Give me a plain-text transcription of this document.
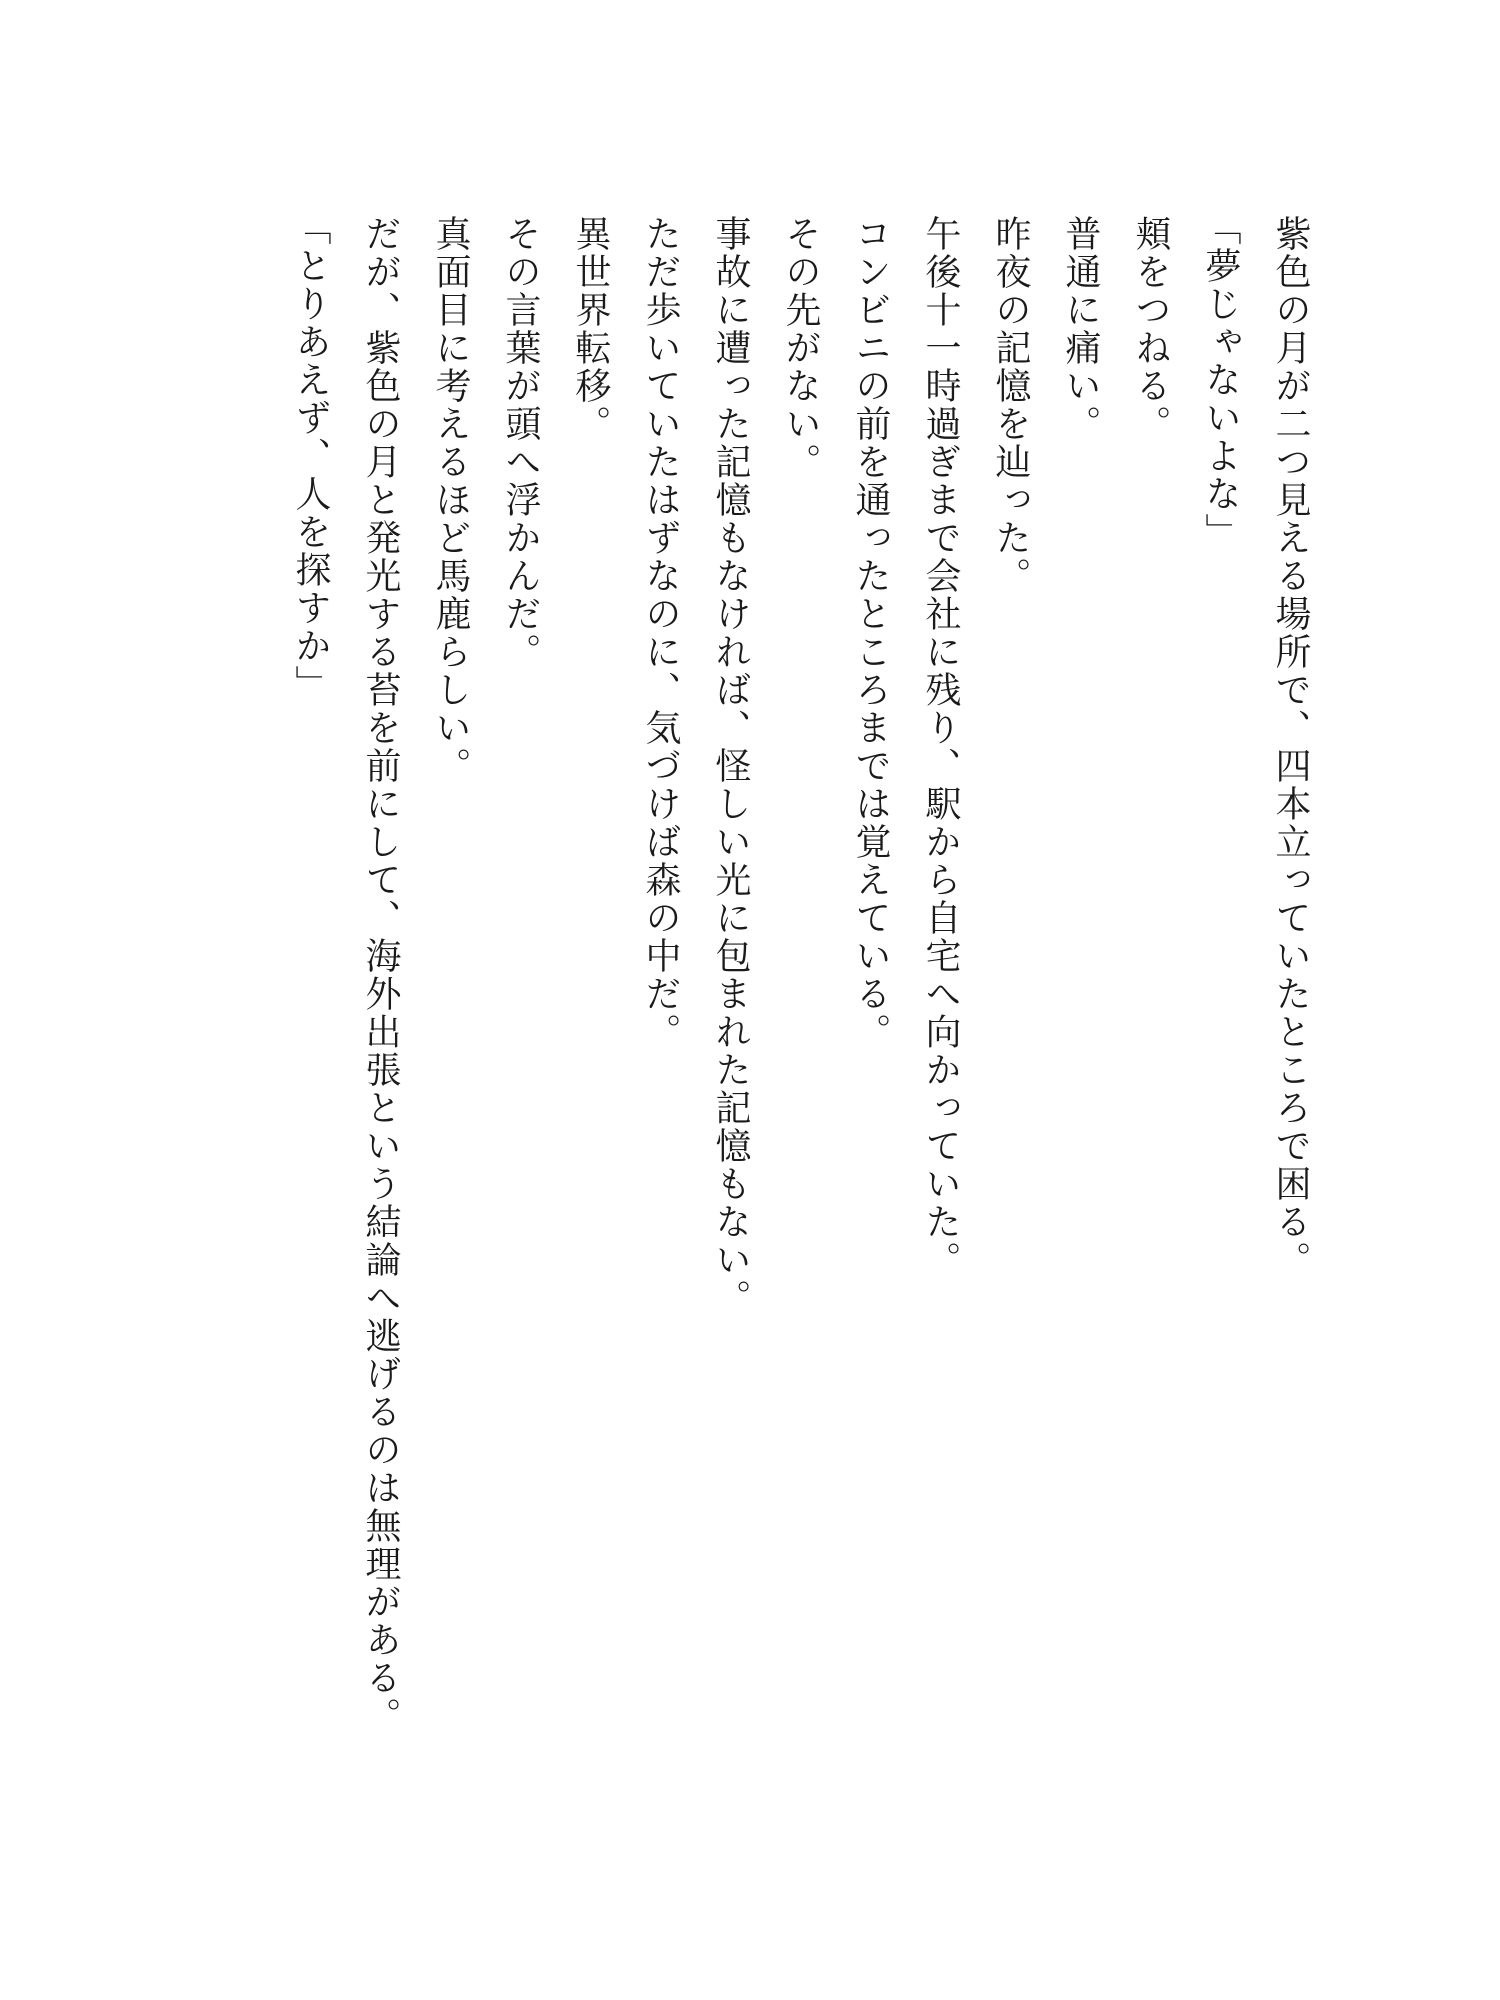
紫色の月が二つ見える場所で、四本立っていたところで困る。
「夢じゃないよな」
頬をつねる。
普通に痛い。
昨夜の記憶を辿った。
午後十一時過ぎまで会社に残り、駅から自宅へ向かっていた。
コンビニの前を通ったところまでは覚えている。
その先がない。
事故に遭った記憶もなければ、怪しい光に包まれた記憶もない。
ただ歩いていたはずなのに、気づけば森の中だ。
異世界転移。
その言葉が頭へ浮かんだ。
真面目に考えるほど馬鹿らしい。
だが、紫色の月と発光する苔を前にして、海外出張という結論へ逃げるのは無理がある。
「とりあえず、人を探すか」
